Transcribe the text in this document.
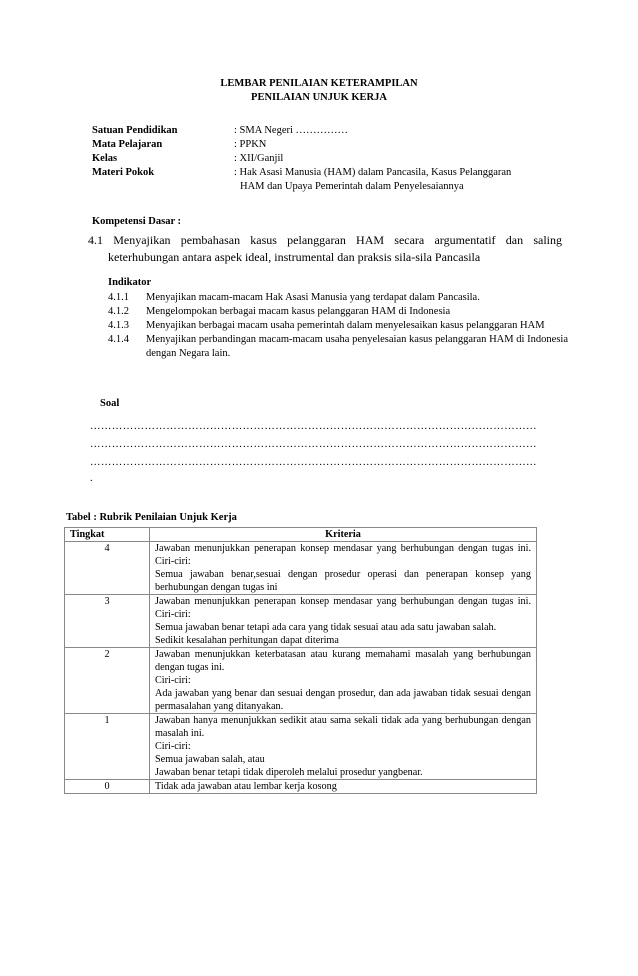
LEMBAR PENILAIAN KETERAMPILAN
PENILAIAN UNJUK KERJA
Satuan Pendidikan	: SMA Negeri ……………
Mata Pelajaran	: PPKN
Kelas	: XII/Ganjil
Materi Pokok	: Hak Asasi Manusia (HAM) dalam Pancasila, Kasus Pelanggaran
HAM dan Upaya Pemerintah dalam Penyelesaiannya
Kompetensi Dasar :
4.1 Menyajikan pembahasan kasus pelanggaran HAM secara argumentatif dan saling
keterhubungan antara aspek ideal, instrumental dan praksis sila-sila Pancasila
Indikator
4.1.1	Menyajikan macam-macam Hak Asasi Manusia yang terdapat dalam Pancasila.
4.1.2	Mengelompokan berbagai macam kasus pelanggaran HAM di Indonesia
4.1.3	Menyajikan berbagai macam usaha pemerintah dalam menyelesaikan kasus pelanggaran HAM
4.1.4	Menyajikan perbandingan macam-macam usaha penyelesaian kasus pelanggaran HAM di Indonesia dengan Negara lain.
Soal
……………………………………………………………………………………………………………
……………………………………………………………………………………………………………
……………………………………………………………………………………………………………
.
Tabel : Rubrik Penilaian Unjuk Kerja
Tingkat	Kriteria
4	Jawaban menunjukkan penerapan konsep mendasar yang berhubungan dengan tugas ini. Ciri-ciri:
Semua jawaban benar,sesuai dengan prosedur operasi dan penerapan konsep yang berhubungan dengan tugas ini

3	Jawaban menunjukkan penerapan konsep mendasar yang berhubungan dengan tugas ini. Ciri-ciri:
Semua jawaban benar tetapi ada cara yang tidak sesuai atau ada satu jawaban salah.
Sedikit kesalahan perhitungan dapat diterima

2	Jawaban menunjukkan keterbatasan atau kurang memahami masalah yang berhubungan dengan tugas ini.
Ciri-ciri:
Ada jawaban yang benar dan sesuai dengan prosedur, dan ada jawaban tidak sesuai dengan permasalahan yang ditanyakan.

1	Jawaban hanya menunjukkan sedikit atau sama sekali tidak ada yang berhubungan dengan masalah ini.
Ciri-ciri:
Semua jawaban salah, atau
Jawaban benar tetapi tidak diperoleh melalui prosedur yangbenar.

0	Tidak ada jawaban atau lembar kerja kosong
